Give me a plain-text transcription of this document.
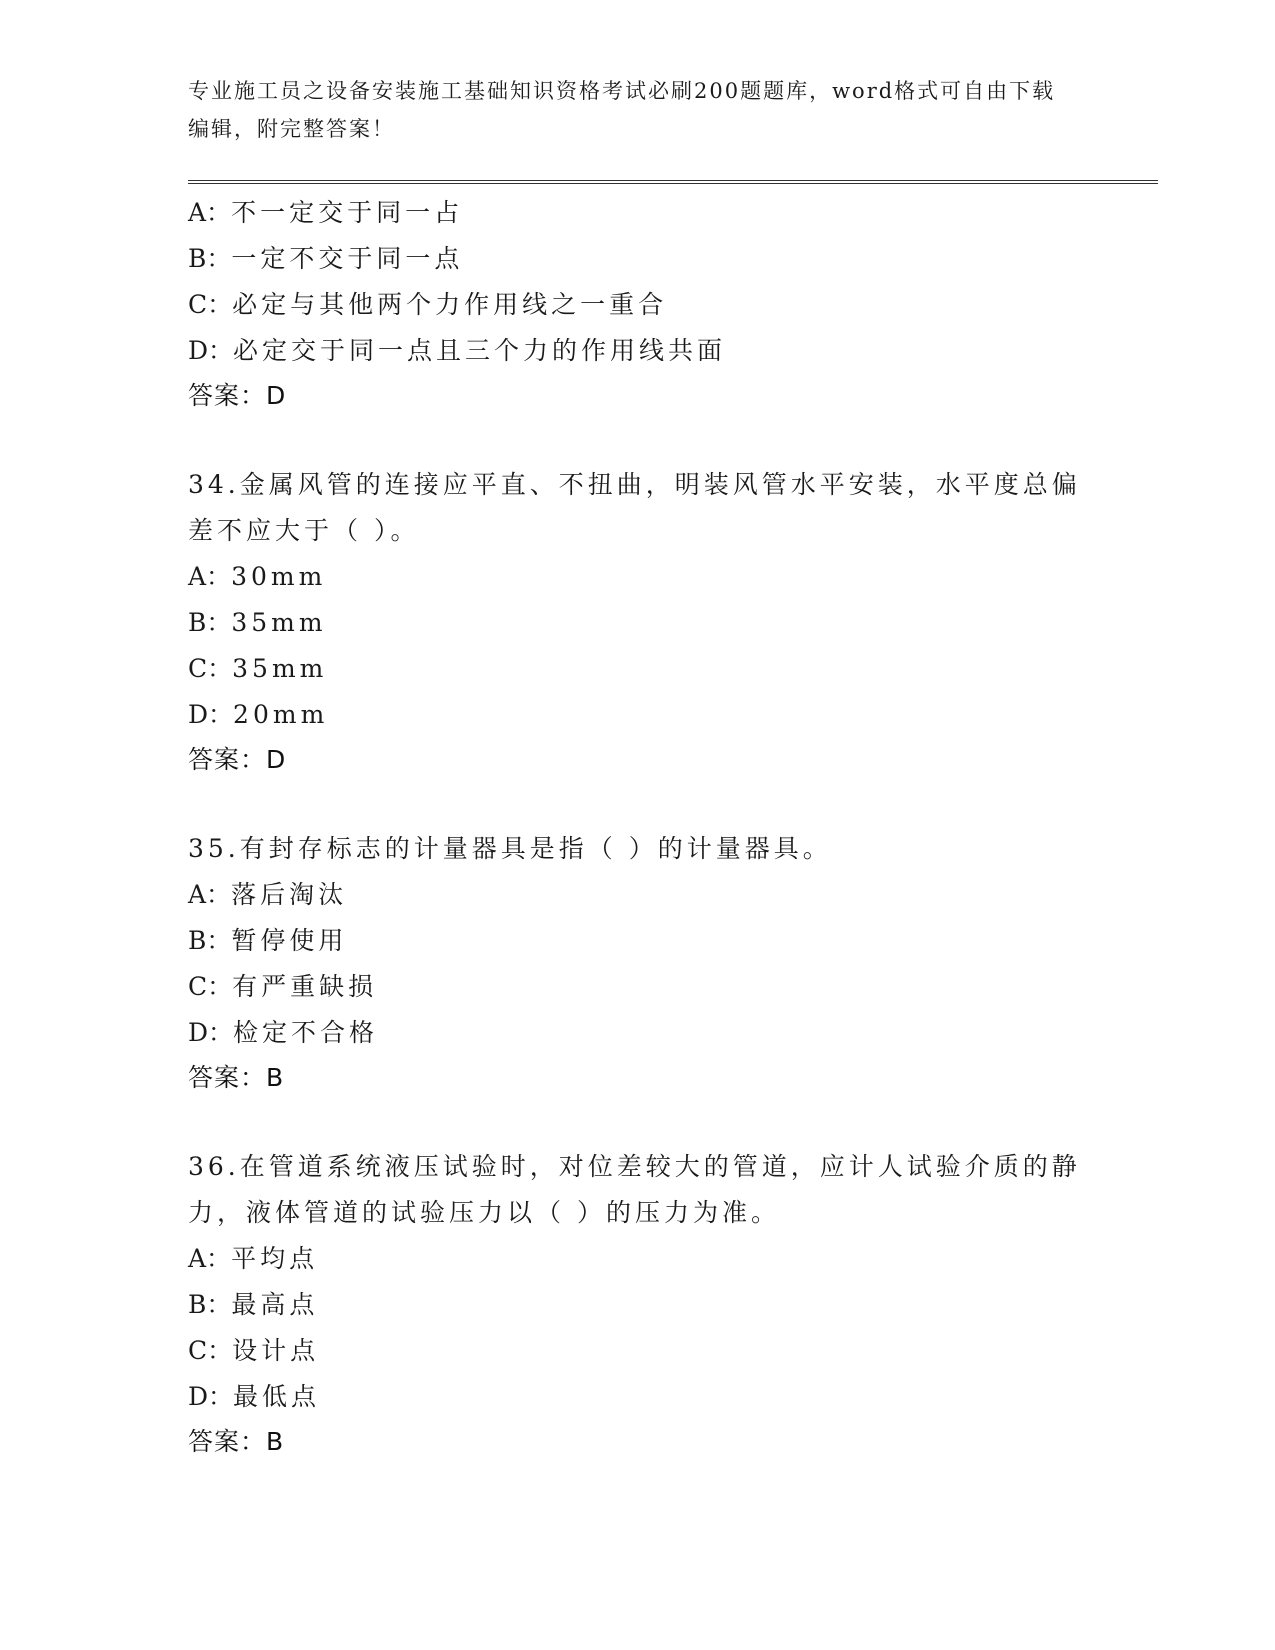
专业施工员之设备安装施工基础知识资格考试必刷200题题库，word格式可自由下载编辑，附完整答案！
A：不一定交于同一占
B：一定不交于同一点
C：必定与其他两个力作用线之一重合
D：必定交于同一点且三个力的作用线共面
答案：D
34.金属风管的连接应平直、不扭曲，明装风管水平安装，水平度总偏差不应大于（ ）。
A：30mm
B：35mm
C：35mm
D：20mm
答案：D
35.有封存标志的计量器具是指（ ）的计量器具。
A：落后淘汰
B：暂停使用
C：有严重缺损
D：检定不合格
答案：B
36.在管道系统液压试验时，对位差较大的管道，应计人试验介质的静力，液体管道的试验压力以（ ）的压力为准。
A：平均点
B：最高点
C：设计点
D：最低点
答案：B
